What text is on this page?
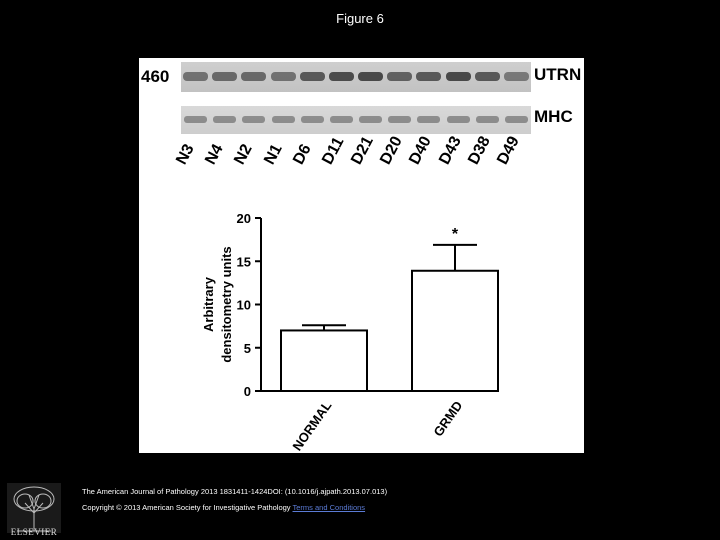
Figure 6
460	UTRN
MHC
N3 N4 N2 N1 D6 D11 D21 D20 D40 D43 D38 D49
0
5
10
15
20
Arbitrary densitometry units
NORMAL
*
GRMD
The American Journal of Pathology 2013 1831411-1424DOI: (10.1016/j.ajpath.2013.07.013)
Copyright © 2013 American Society for Investigative Pathology Terms and Conditions
ELSEVIER
